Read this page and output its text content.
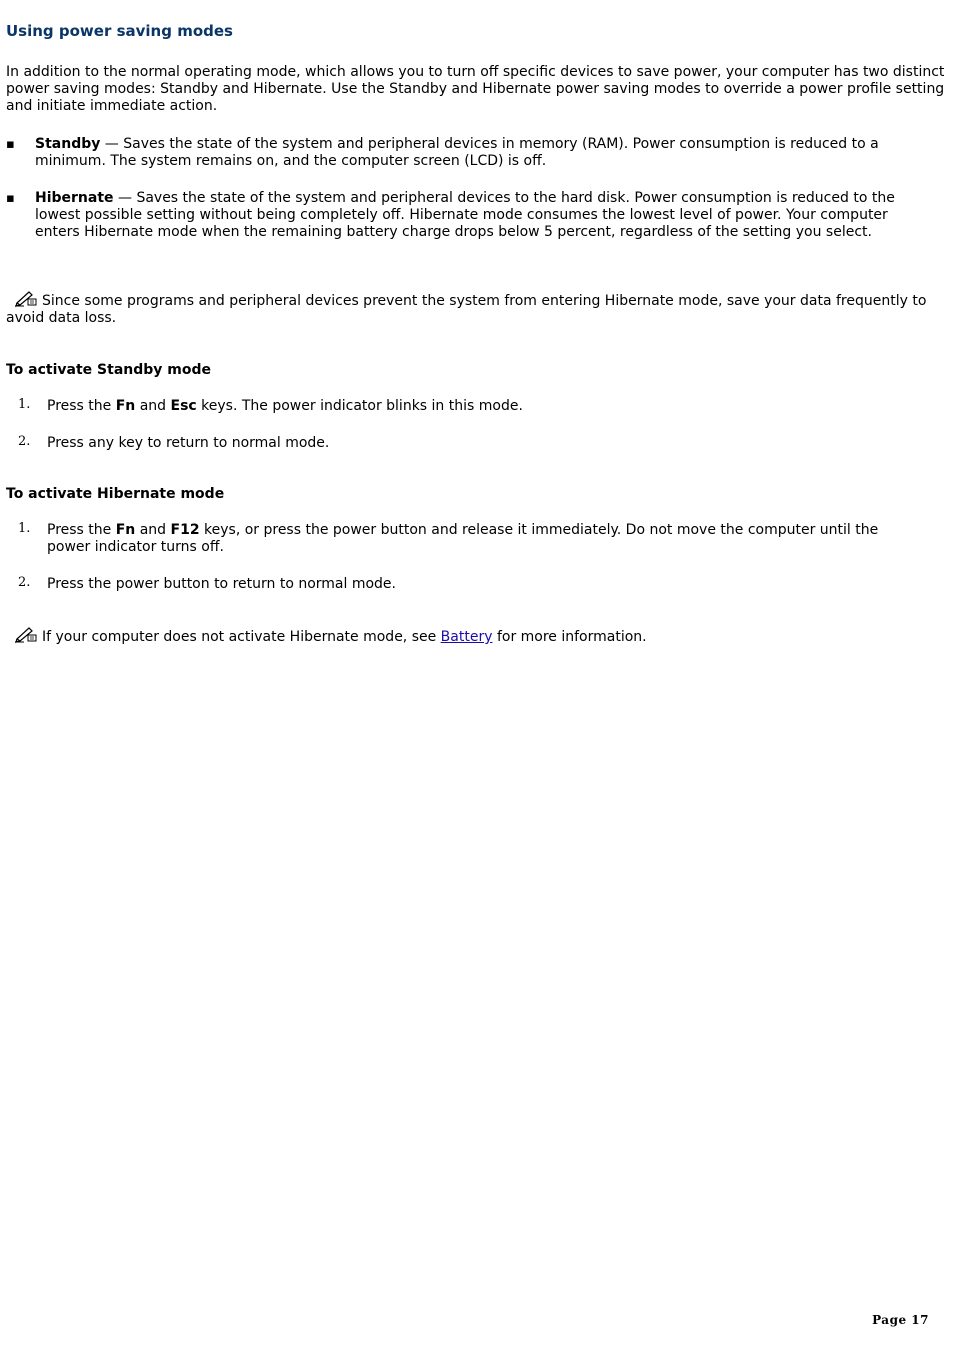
Using power saving modes

In addition to the normal operating mode, which allows you to turn off specific devices to save power, your computer has two distinct power saving modes: Standby and Hibernate. Use the Standby and Hibernate power saving modes to override a power profile setting and initiate immediate action.

▪ Standby — Saves the state of the system and peripheral devices in memory (RAM). Power consumption is reduced to a minimum. The system remains on, and the computer screen (LCD) is off.
▪ Hibernate — Saves the state of the system and peripheral devices to the hard disk. Power consumption is reduced to the lowest possible setting without being completely off. Hibernate mode consumes the lowest level of power. Your computer enters Hibernate mode when the remaining battery charge drops below 5 percent, regardless of the setting you select.
Since some programs and peripheral devices prevent the system from entering Hibernate mode, save your data frequently to avoid data loss.
To activate Standby mode
1. Press the Fn and Esc keys. The power indicator blinks in this mode.
2. Press any key to return to normal mode.
To activate Hibernate mode
1. Press the Fn and F12 keys, or press the power button and release it immediately. Do not move the computer until the power indicator turns off.
2. Press the power button to return to normal mode.
If your computer does not activate Hibernate mode, see Battery for more information.
Page 17
